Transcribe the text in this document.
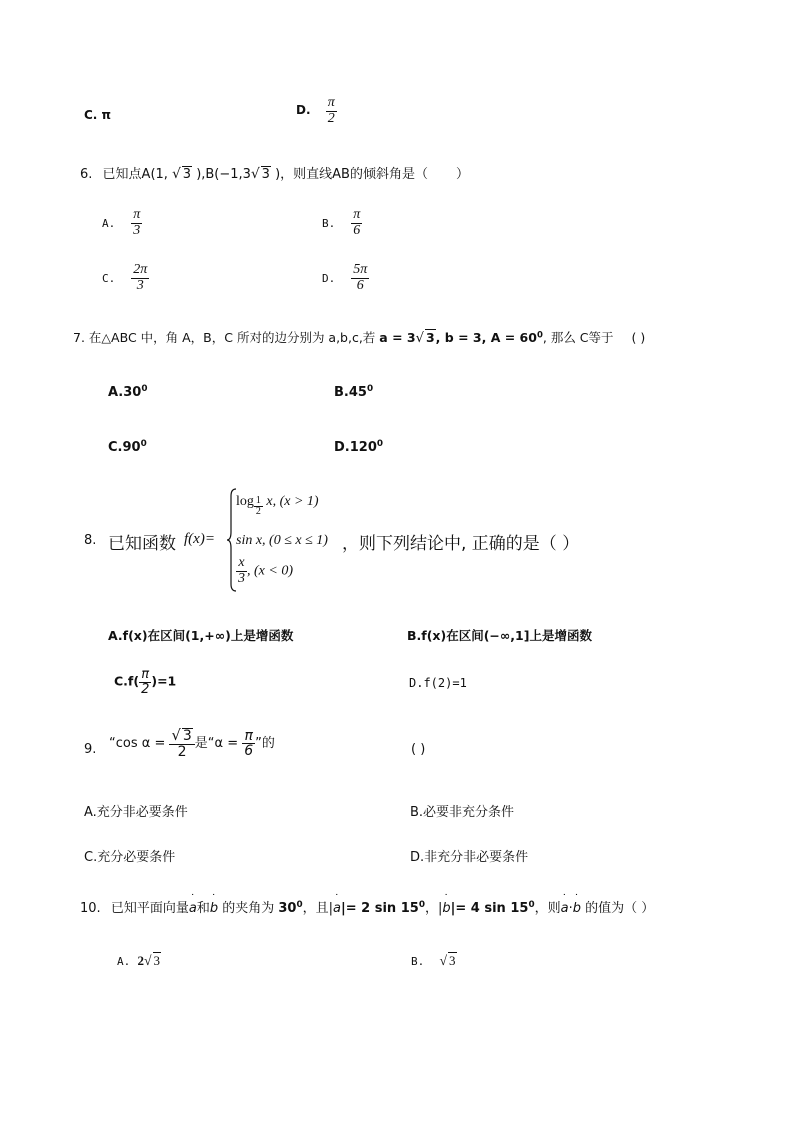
C. π	D. $\frac{\pi}{2}$
6. 已知点A(1, √ 3 ),B(−1,3√ 3 )，则直线AB的倾斜角是（ ）
A. $\frac{\pi}{3}$	B. $\frac{\pi}{6}$
C. $\frac{2\pi}{3}$	D. $\frac{5\pi}{6}$
7. 在△ABC 中，角 A，B，C 所对的边分别为 a,b,c,若 a = 3√ 3, b = 3, $A = 60^0$, 那么 C等于 ( )
$A.30^0$	$B.45^0$
$C.90^0$	D.120$^0$
8. 已知函数 f(x)=
log $_{\frac{1}{2}}$ x, (x > 1)
sin x, (0 ≤ x ≤ 1)
$\frac{x}{3}$ , (x < 0)
，则下列结论中, 正确的是（ ）
A.f(x)在区间(1,+∞)上是增函数	B.f(x)在区间(−∞,1]上是增函数
$C.f( \frac{\pi}{2} )=1$	D.f(2)=1
9. “cos $\alpha = \frac{√ 3}{2}$ 是“$\alpha = \frac{\pi}{6}$ ”的	( )
A.充分非必要条件	B.必要非充分条件
C.充分必要条件	D.非充分非必要条件
10. 已知平面向量˙ a和˙ b 的夹角为 $30^0$，且|˙ a|= 2 $\sin 15^0$，|˙ b|= 4 $\sin 15^0$，则˙ a·˙ b 的值为（ ）
A. 2√ 3	B. √ 3
